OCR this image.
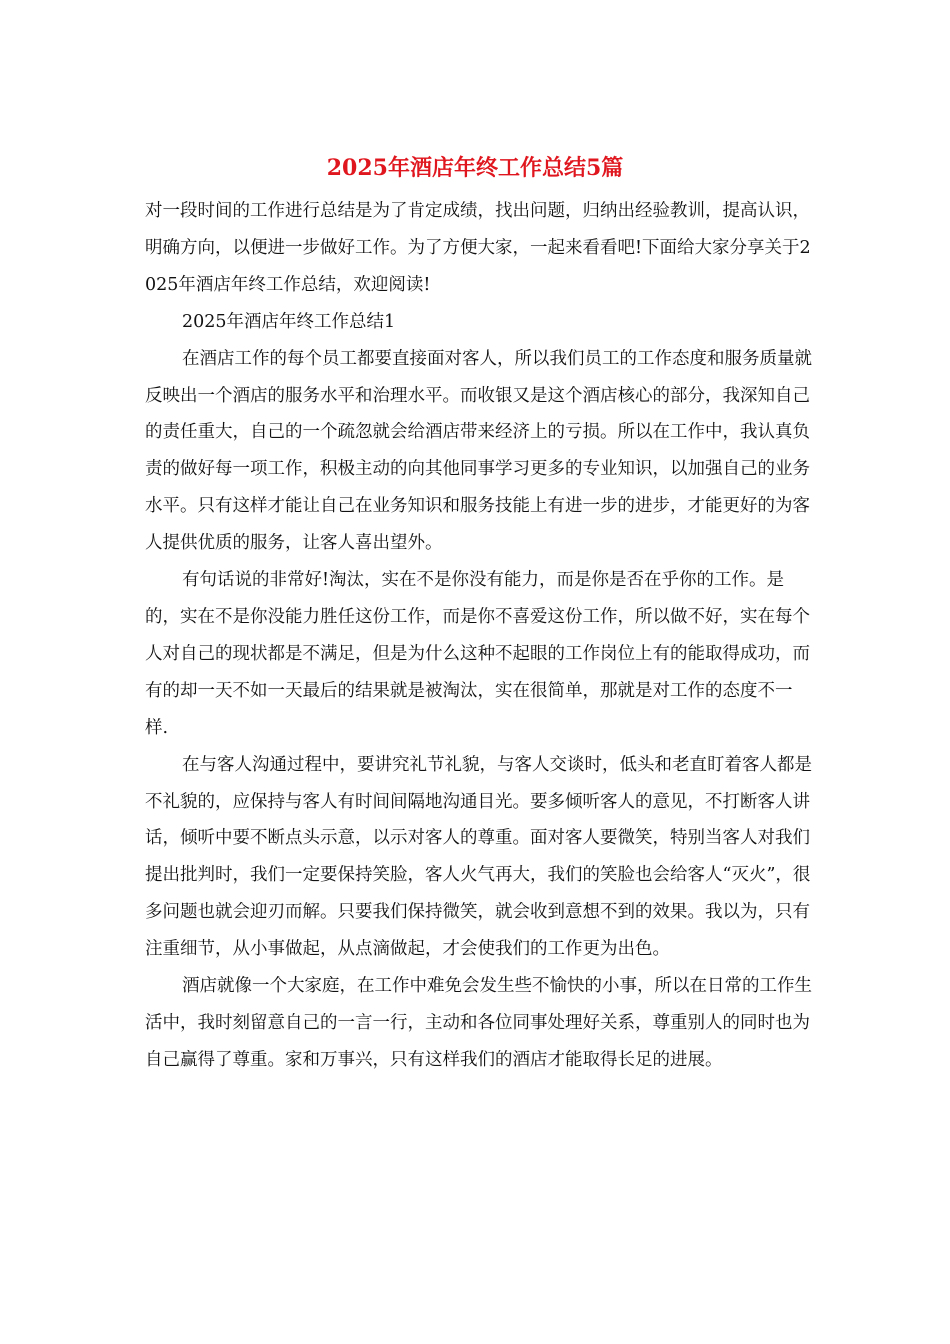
2025年酒店年终工作总结5篇

对一段时间的工作进行总结是为了肯定成绩，找出问题，归纳出经验教训，提高认识，明确方向，以便进一步做好工作。为了方便大家，一起来看看吧!下面给大家分享关于2025年酒店年终工作总结，欢迎阅读!

2025年酒店年终工作总结1

在酒店工作的每个员工都要直接面对客人，所以我们员工的工作态度和服务质量就反映出一个酒店的服务水平和治理水平。而收银又是这个酒店核心的部分，我深知自己的责任重大，自己的一个疏忽就会给酒店带来经济上的亏损。所以在工作中，我认真负责的做好每一项工作，积极主动的向其他同事学习更多的专业知识，以加强自己的业务水平。只有这样才能让自己在业务知识和服务技能上有进一步的进步，才能更好的为客人提供优质的服务，让客人喜出望外。

有句话说的非常好!淘汰，实在不是你没有能力，而是你是否在乎你的工作。是的，实在不是你没能力胜任这份工作，而是你不喜爱这份工作，所以做不好，实在每个人对自己的现状都是不满足，但是为什么这种不起眼的工作岗位上有的能取得成功，而有的却一天不如一天最后的结果就是被淘汰，实在很简单，那就是对工作的态度不一样.

在与客人沟通过程中，要讲究礼节礼貌，与客人交谈时，低头和老直盯着客人都是不礼貌的，应保持与客人有时间间隔地沟通目光。要多倾听客人的意见，不打断客人讲话，倾听中要不断点头示意，以示对客人的尊重。面对客人要微笑，特别当客人对我们提出批判时，我们一定要保持笑脸，客人火气再大，我们的笑脸也会给客人“灭火”，很多问题也就会迎刃而解。只要我们保持微笑，就会收到意想不到的效果。我以为，只有注重细节，从小事做起，从点滴做起，才会使我们的工作更为出色。

酒店就像一个大家庭，在工作中难免会发生些不愉快的小事，所以在日常的工作生活中，我时刻留意自己的一言一行，主动和各位同事处理好关系，尊重别人的同时也为自己赢得了尊重。家和万事兴，只有这样我们的酒店才能取得长足的进展。
